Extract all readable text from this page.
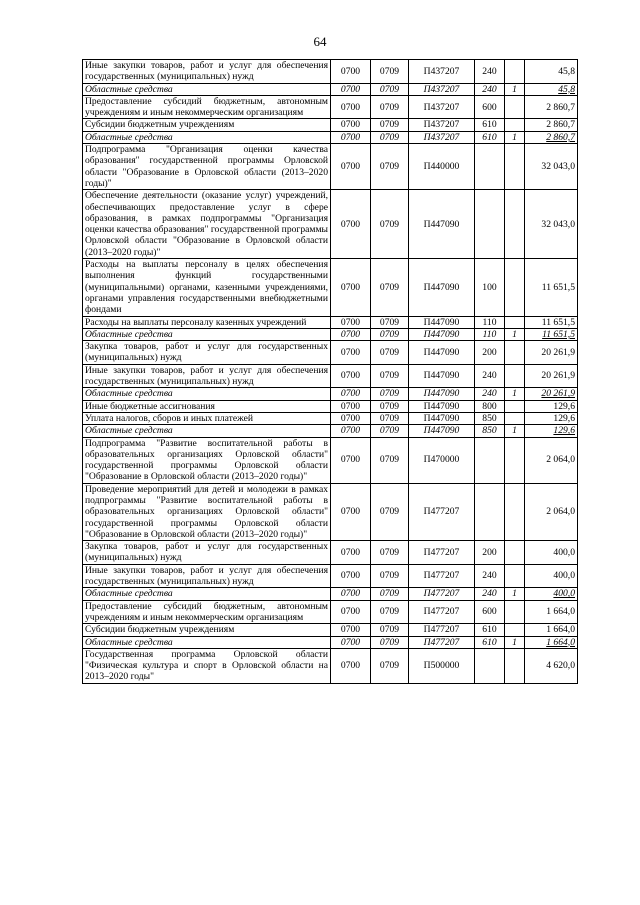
64
Иные закупки товаров, работ и услуг для обеспечения государственных (муниципальных) нужд	0700	0709	П437207	240		45,8
Областные средства	0700	0709	П437207	240	1	45,8
Предоставление субсидий бюджетным, автономным учреждениям и иным некоммерческим организациям	0700	0709	П437207	600		2 860,7
Субсидии бюджетным учреждениям	0700	0709	П437207	610		2 860,7
Областные средства	0700	0709	П437207	610	1	2 860,7
Подпрограмма "Организация оценки качества образования" государственной программы Орловской области "Образование в Орловской области (2013–2020 годы)"	0700	0709	П440000			32 043,0
Обеспечение деятельности (оказание услуг) учреждений, обеспечивающих предоставление услуг в сфере образования, в рамках подпрограммы "Организация оценки качества образования" государственной программы Орловской области "Образование в Орловской области (2013–2020 годы)"	0700	0709	П447090			32 043,0
Расходы на выплаты персоналу в целях обеспечения выполнения функций государственными (муниципальными) органами, казенными учреждениями, органами управления государственными внебюджетными фондами	0700	0709	П447090	100		11 651,5
Расходы на выплаты персоналу казенных учреждений	0700	0709	П447090	110		11 651,5
Областные средства	0700	0709	П447090	110	1	11 651,5
Закупка товаров, работ и услуг для государственных (муниципальных) нужд	0700	0709	П447090	200		20 261,9
Иные закупки товаров, работ и услуг для обеспечения государственных (муниципальных) нужд	0700	0709	П447090	240		20 261,9
Областные средства	0700	0709	П447090	240	1	20 261,9
Иные бюджетные ассигнования	0700	0709	П447090	800		129,6
Уплата налогов, сборов и иных платежей	0700	0709	П447090	850		129,6
Областные средства	0700	0709	П447090	850	1	129,6
Подпрограмма "Развитие воспитательной работы в образовательных организациях Орловской области" государственной программы Орловской области "Образование в Орловской области (2013–2020 годы)"	0700	0709	П470000			2 064,0
Проведение мероприятий для детей и молодежи в рамках подпрограммы "Развитие воспитательной работы в образовательных организациях Орловской области" государственной программы Орловской области "Образование в Орловской области (2013–2020 годы)"	0700	0709	П477207			2 064,0
Закупка товаров, работ и услуг для государственных (муниципальных) нужд	0700	0709	П477207	200		400,0
Иные закупки товаров, работ и услуг для обеспечения государственных (муниципальных) нужд	0700	0709	П477207	240		400,0
Областные средства	0700	0709	П477207	240	1	400,0
Предоставление субсидий бюджетным, автономным учреждениям и иным некоммерческим организациям	0700	0709	П477207	600		1 664,0
Субсидии бюджетным учреждениям	0700	0709	П477207	610		1 664,0
Областные средства	0700	0709	П477207	610	1	1 664,0
Государственная программа Орловской области "Физическая культура и спорт в Орловской области на 2013–2020 годы"	0700	0709	П500000			4 620,0
